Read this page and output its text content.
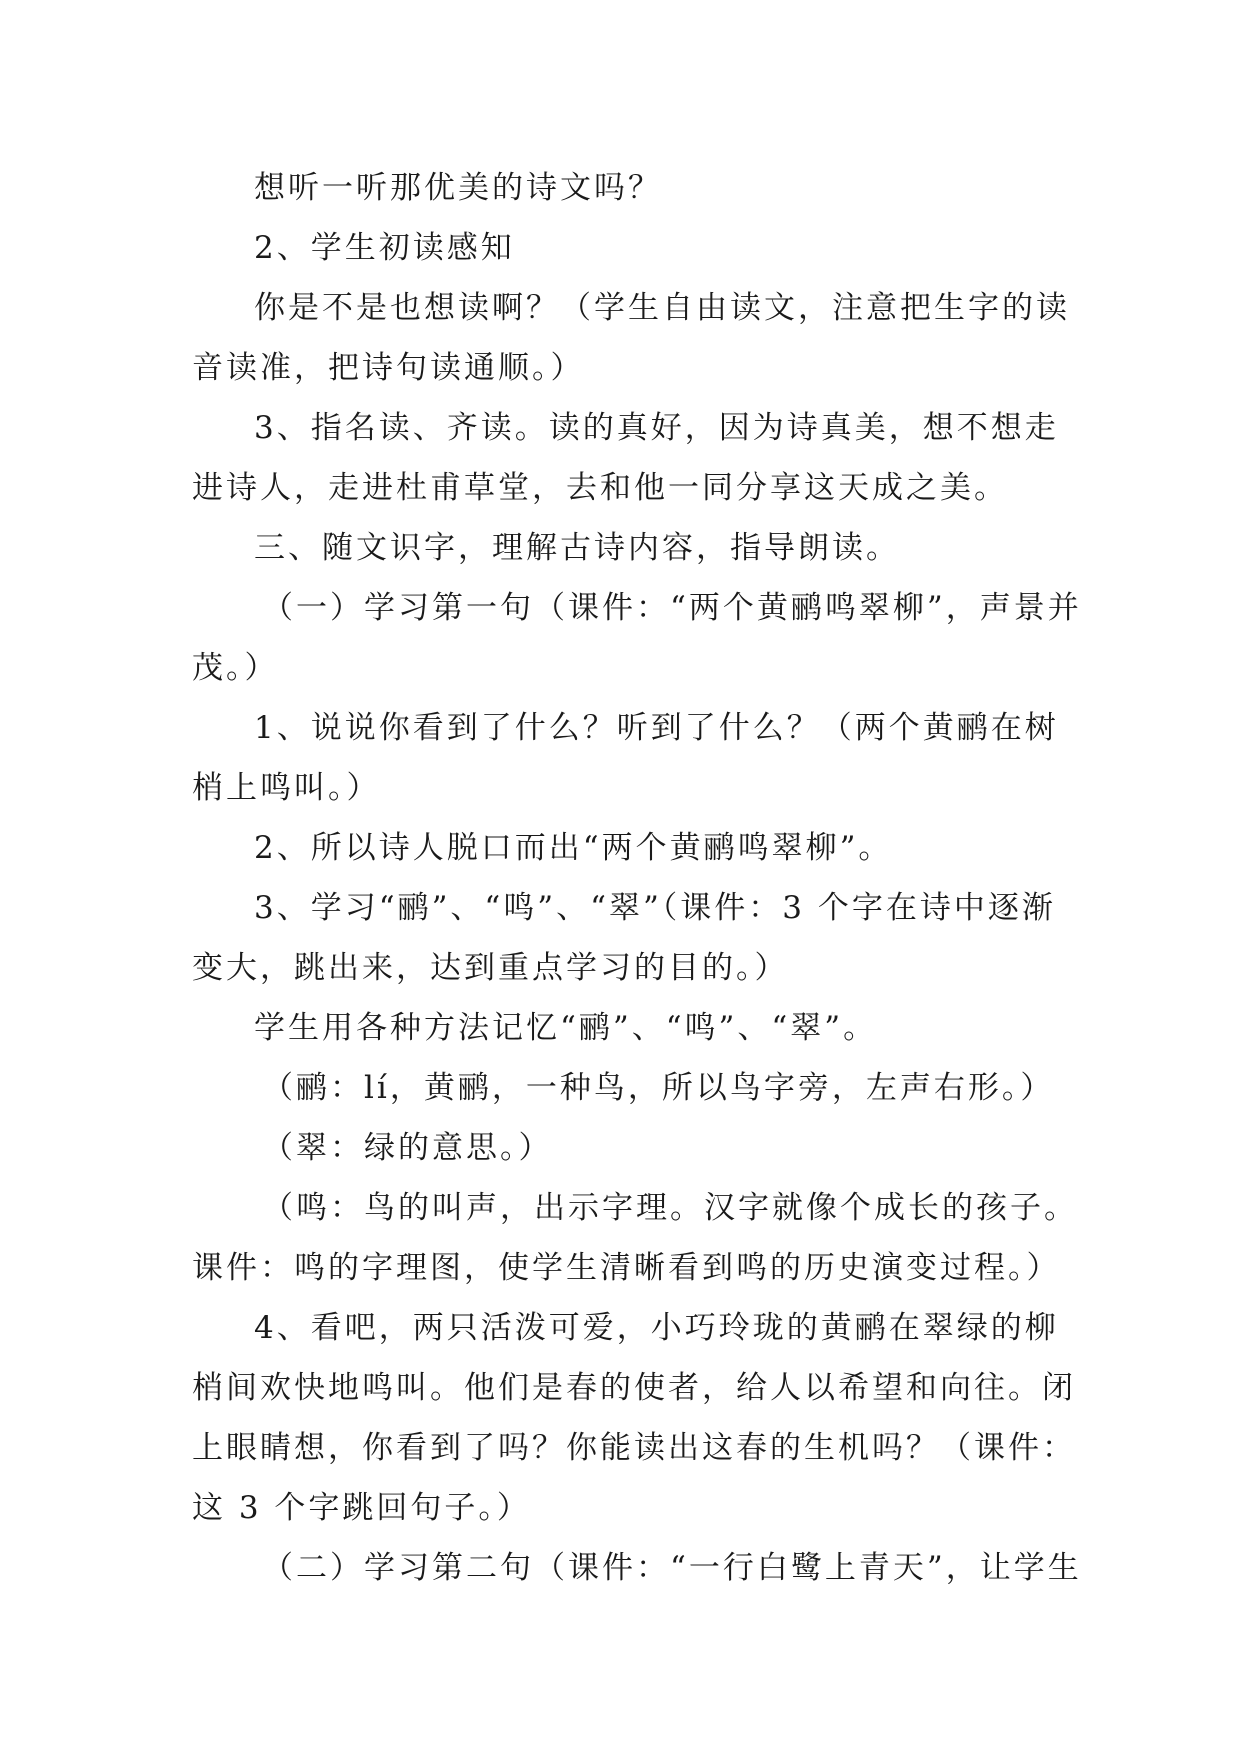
想听一听那优美的诗文吗？

2、学生初读感知

你是不是也想读啊？（学生自由读文，注意把生字的读

音读准，把诗句读通顺。）

3、指名读、齐读。读的真好，因为诗真美，想不想走

进诗人，走进杜甫草堂，去和他一同分享这天成之美。

三、随文识字，理解古诗内容，指导朗读。

（一）学习第一句（课件：“两个黄鹂鸣翠柳”，声景并

茂。）

1、说说你看到了什么？听到了什么？（两个黄鹂在树

梢上鸣叫。）

2、所以诗人脱口而出“两个黄鹂鸣翠柳”。

3、学习“鹂”、“鸣”、“翠”（课件：3 个字在诗中逐渐

变大，跳出来，达到重点学习的目的。）

学生用各种方法记忆“鹂”、“鸣”、“翠”。

（鹂：lí，黄鹂，一种鸟，所以鸟字旁，左声右形。）

（翠：绿的意思。）

（鸣：鸟的叫声，出示字理。汉字就像个成长的孩子。

课件：鸣的字理图，使学生清晰看到鸣的历史演变过程。）

4、看吧，两只活泼可爱，小巧玲珑的黄鹂在翠绿的柳

梢间欢快地鸣叫。他们是春的使者，给人以希望和向往。闭

上眼睛想，你看到了吗？你能读出这春的生机吗？（课件：

这 3 个字跳回句子。）

（二）学习第二句（课件：“一行白鹭上青天”，让学生
